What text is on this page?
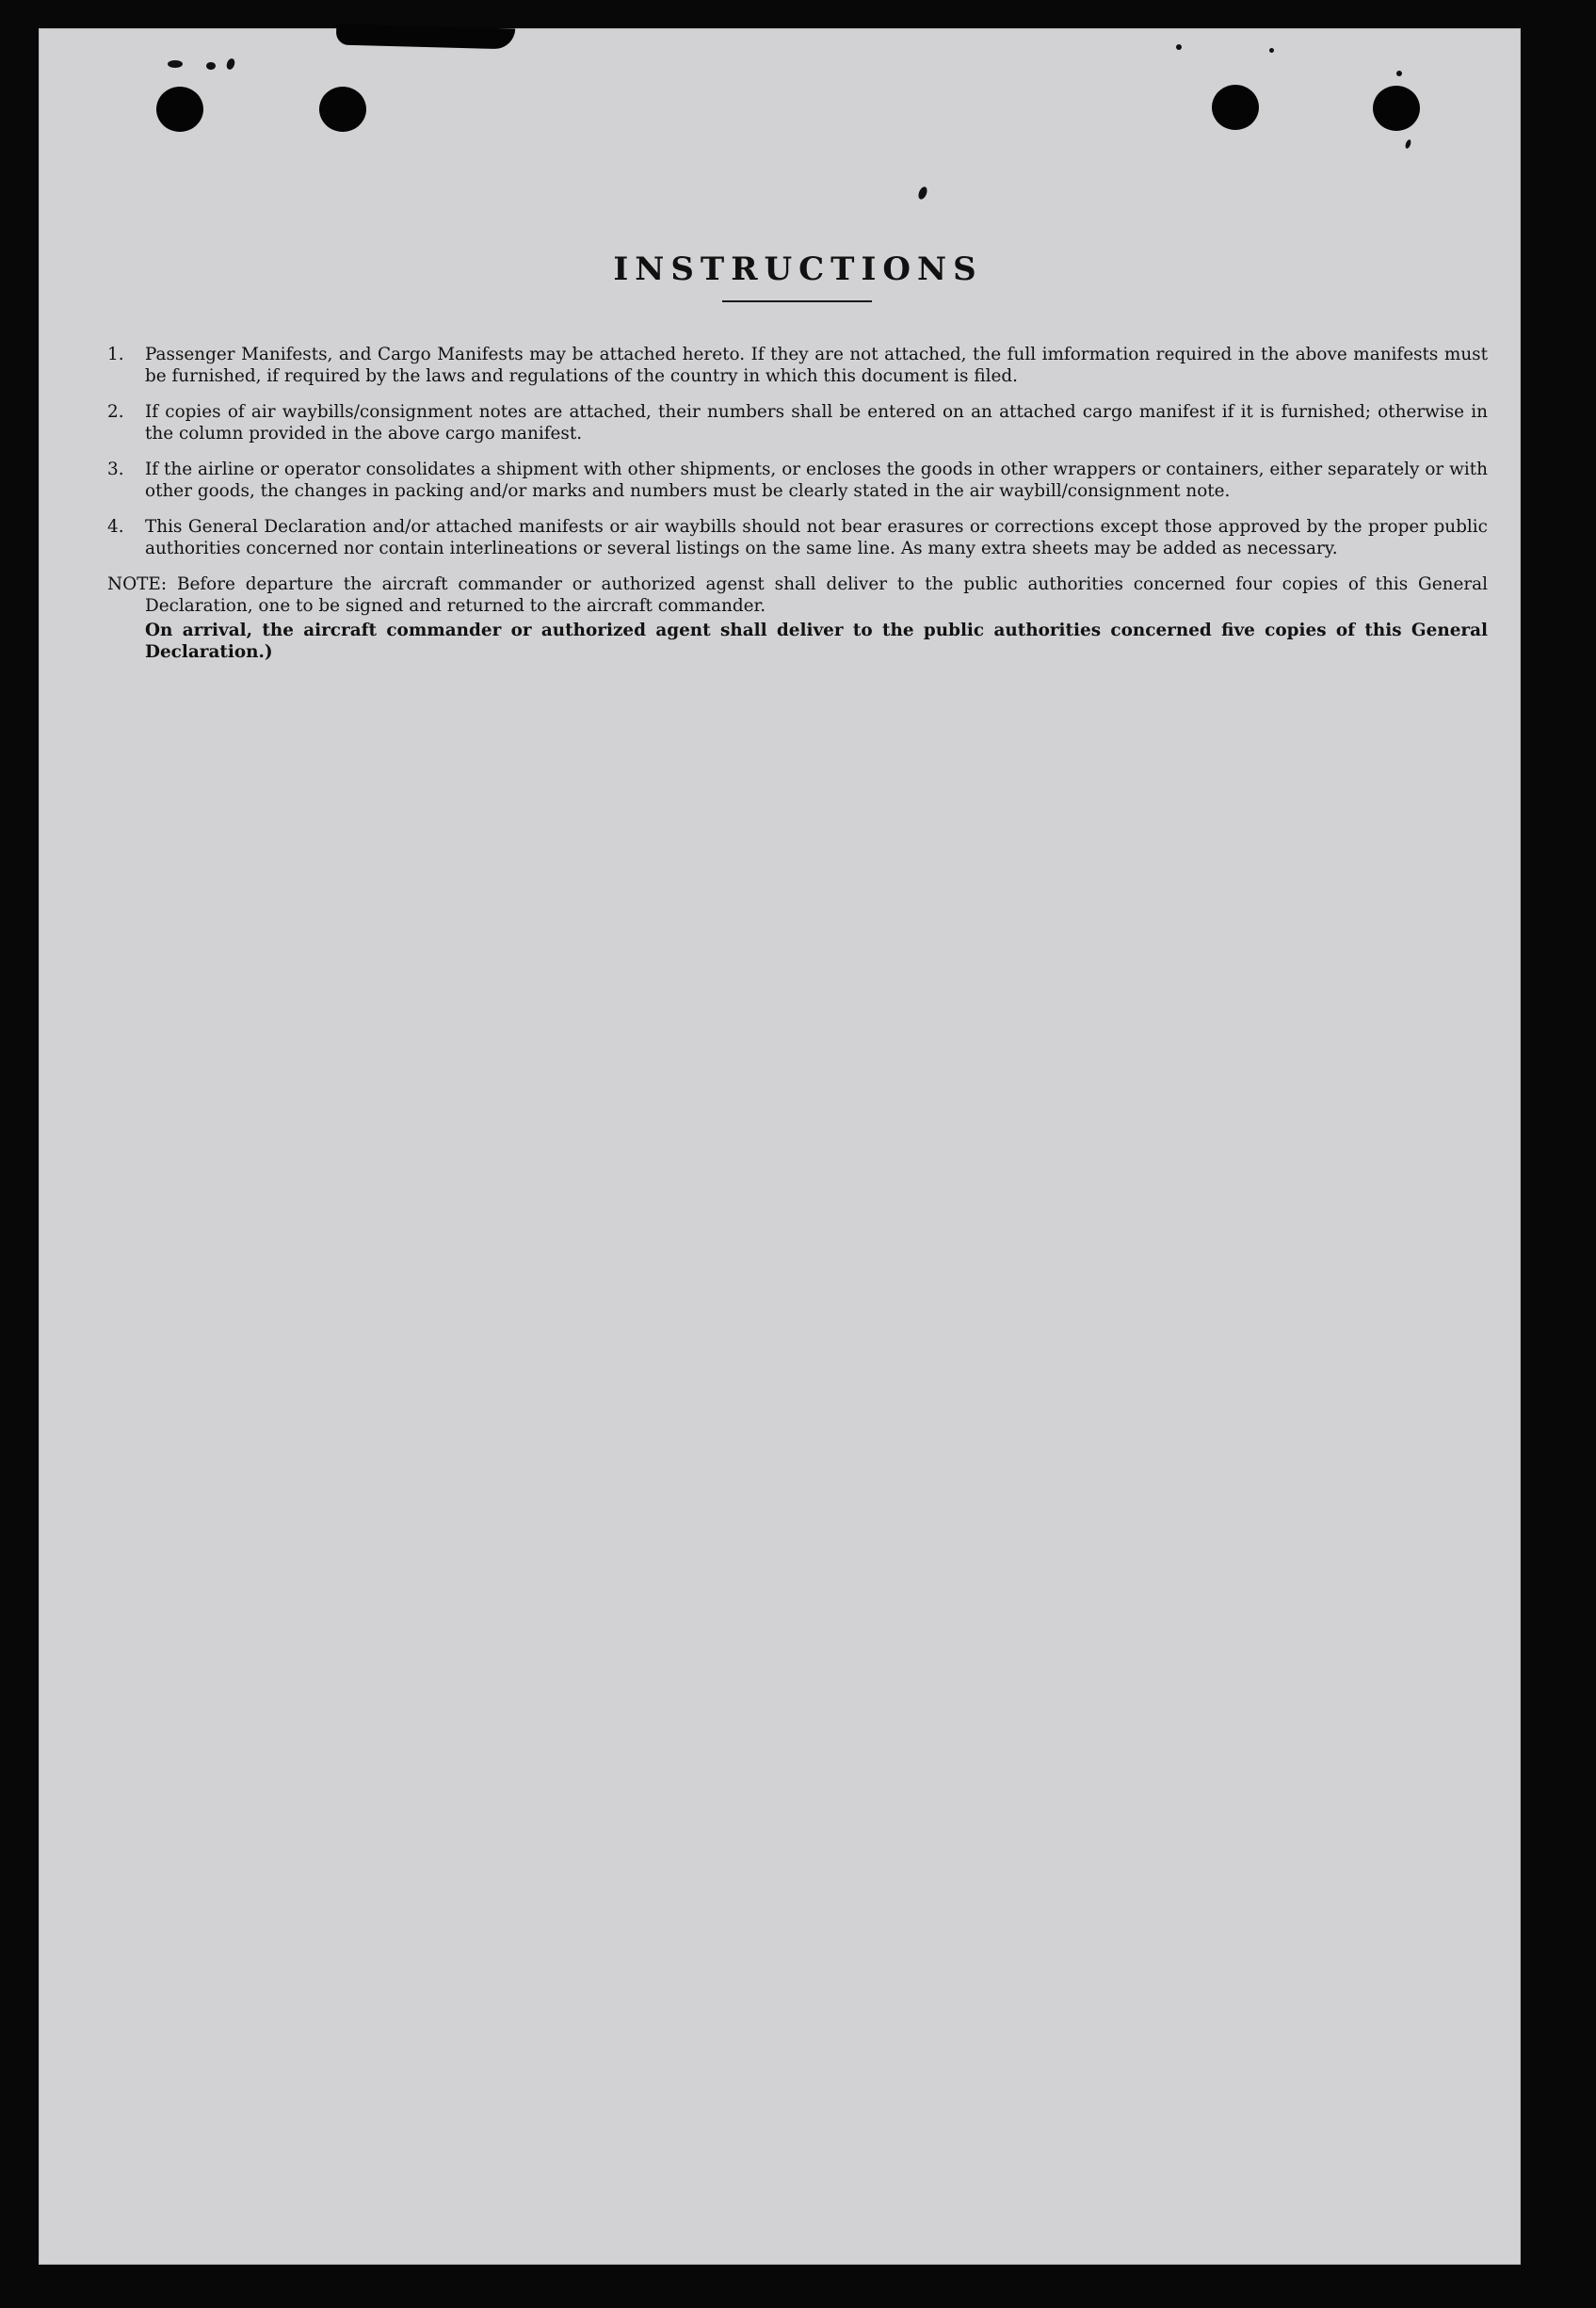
INSTRUCTIONS
1. Passenger Manifests, and Cargo Manifests may be attached hereto. If they are not attached, the full imformation required in the above manifests must be furnished, if required by the laws and regulations of the country in which this document is filed.
2. If copies of air waybills/consignment notes are attached, their numbers shall be entered on an attached cargo manifest if it is furnished; otherwise in the column provided in the above cargo manifest.
3. If the airline or operator consolidates a shipment with other shipments, or encloses the goods in other wrappers or containers, either separately or with other goods, the changes in packing and/or marks and numbers must be clearly stated in the air waybill/consignment note.
4. This General Declaration and/or attached manifests or air waybills should not bear erasures or corrections except those approved by the proper public authorities concerned nor contain interlineations or several listings on the same line. As many extra sheets may be added as necessary.
NOTE: Before departure the aircraft commander or authorized agenst shall deliver to the public authorities concerned four copies of this General Declaration, one to be signed and returned to the aircraft commander.
On arrival, the aircraft commander or authorized agent shall deliver to the public authorities concerned five copies of this General Declaration.)
